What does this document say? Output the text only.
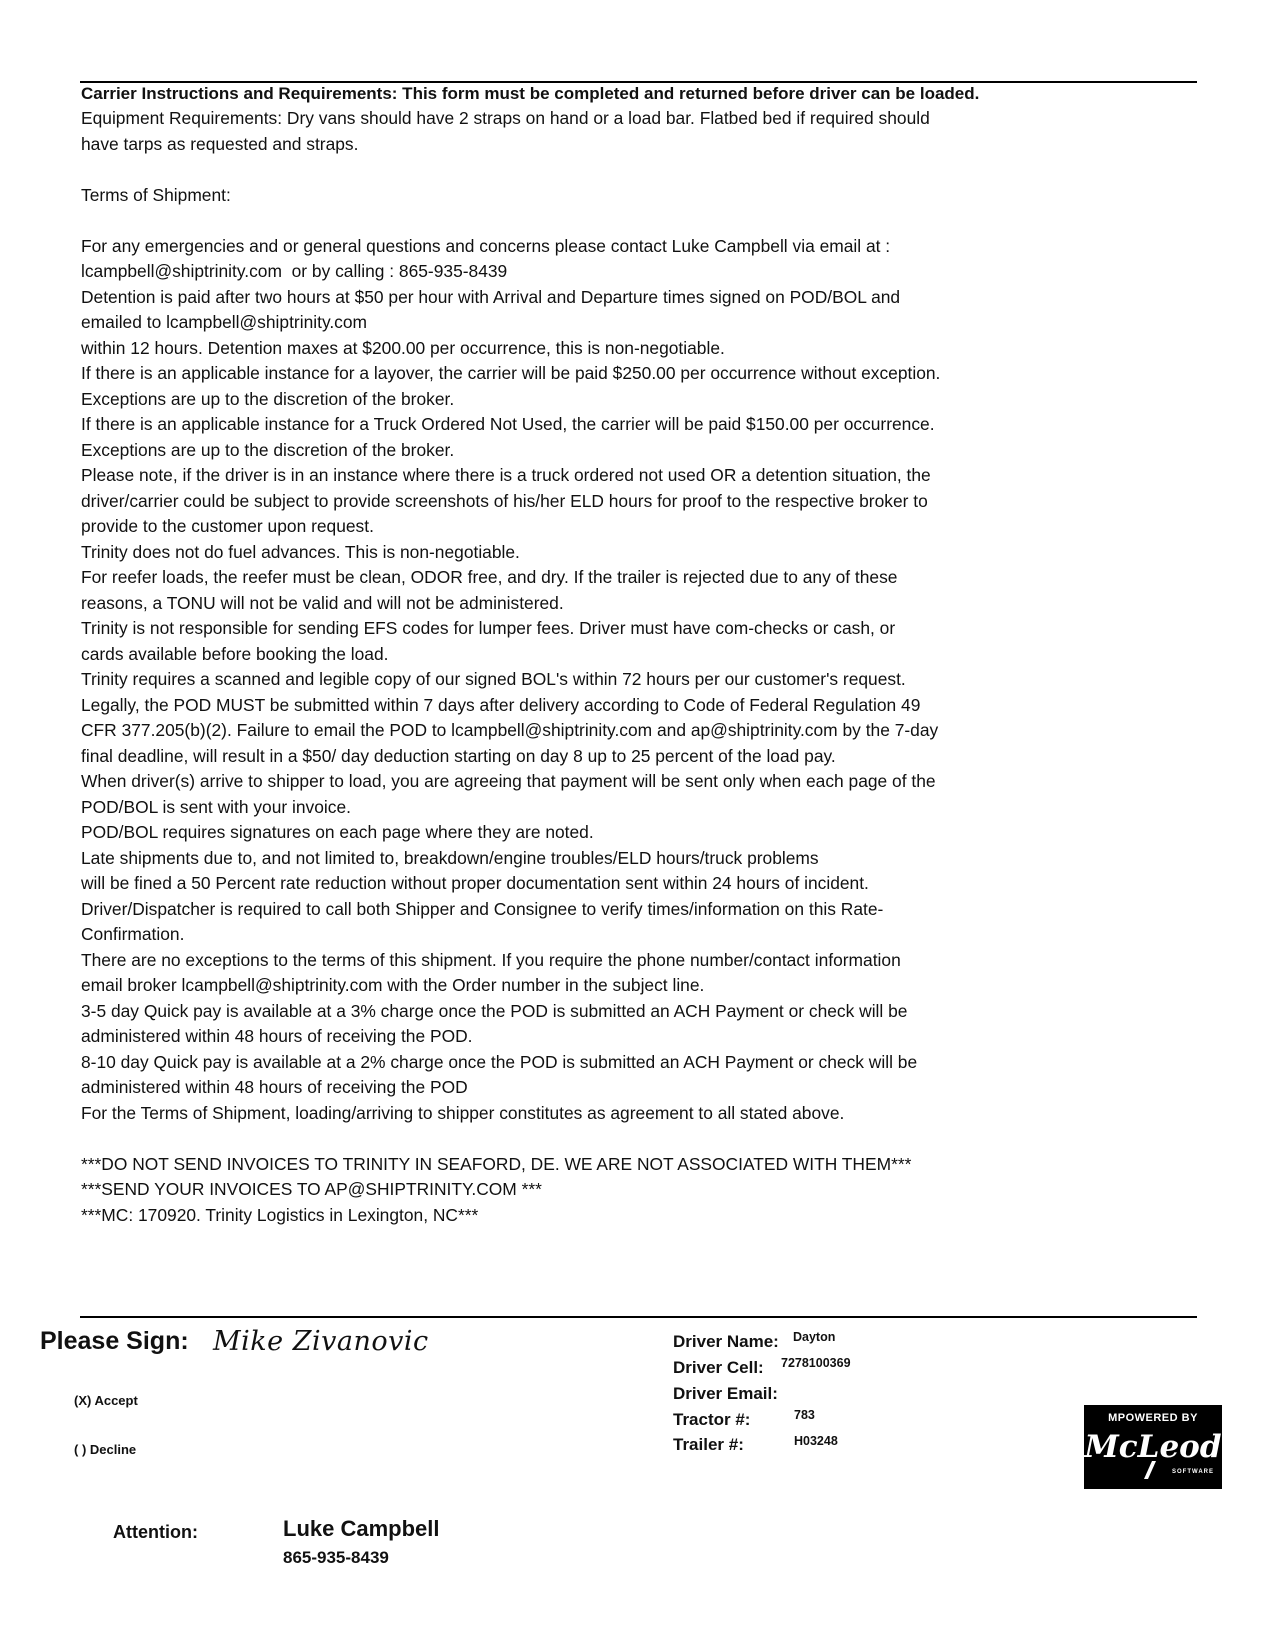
Carrier Instructions and Requirements: This form must be completed and returned before driver can be loaded.
Equipment Requirements: Dry vans should have 2 straps on hand or a load bar. Flatbed bed if required should
have tarps as requested and straps.
Terms of Shipment:
For any emergencies and or general questions and concerns please contact Luke Campbell via email at :
lcampbell@shiptrinity.com  or by calling : 865-935-8439
Detention is paid after two hours at $50 per hour with Arrival and Departure times signed on POD/BOL and
emailed to lcampbell@shiptrinity.com
within 12 hours. Detention maxes at $200.00 per occurrence, this is non-negotiable.
If there is an applicable instance for a layover, the carrier will be paid $250.00 per occurrence without exception.
Exceptions are up to the discretion of the broker.
If there is an applicable instance for a Truck Ordered Not Used, the carrier will be paid $150.00 per occurrence.
Exceptions are up to the discretion of the broker.
Please note, if the driver is in an instance where there is a truck ordered not used OR a detention situation, the
driver/carrier could be subject to provide screenshots of his/her ELD hours for proof to the respective broker to
provide to the customer upon request.
Trinity does not do fuel advances. This is non-negotiable.
For reefer loads, the reefer must be clean, ODOR free, and dry. If the trailer is rejected due to any of these
reasons, a TONU will not be valid and will not be administered.
Trinity is not responsible for sending EFS codes for lumper fees. Driver must have com-checks or cash, or
cards available before booking the load.
Trinity requires a scanned and legible copy of our signed BOL's within 72 hours per our customer's request.
Legally, the POD MUST be submitted within 7 days after delivery according to Code of Federal Regulation 49
CFR 377.205(b)(2). Failure to email the POD to lcampbell@shiptrinity.com and ap@shiptrinity.com by the 7-day
final deadline, will result in a $50/ day deduction starting on day 8 up to 25 percent of the load pay.
When driver(s) arrive to shipper to load, you are agreeing that payment will be sent only when each page of the
POD/BOL is sent with your invoice.
POD/BOL requires signatures on each page where they are noted.
Late shipments due to, and not limited to, breakdown/engine troubles/ELD hours/truck problems
will be fined a 50 Percent rate reduction without proper documentation sent within 24 hours of incident.
Driver/Dispatcher is required to call both Shipper and Consignee to verify times/information on this Rate-
Confirmation.
There are no exceptions to the terms of this shipment. If you require the phone number/contact information
email broker lcampbell@shiptrinity.com with the Order number in the subject line.
3-5 day Quick pay is available at a 3% charge once the POD is submitted an ACH Payment or check will be
administered within 48 hours of receiving the POD.
8-10 day Quick pay is available at a 2% charge once the POD is submitted an ACH Payment or check will be
administered within 48 hours of receiving the POD
For the Terms of Shipment, loading/arriving to shipper constitutes as agreement to all stated above.
***DO NOT SEND INVOICES TO TRINITY IN SEAFORD, DE. WE ARE NOT ASSOCIATED WITH THEM***
***SEND YOUR INVOICES TO AP@SHIPTRINITY.COM ***
***MC: 170920. Trinity Logistics in Lexington, NC***
Please Sign: Mike Zivanovic
(X) Accept
( ) Decline
Driver Name: Dayton
Driver Cell: 7278100369
Driver Email:
Tractor #:	783
Trailer #:	H03248
MPOWERED BY
McLeod
SOFTWARE
Attention:	Luke Campbell
865-935-8439
